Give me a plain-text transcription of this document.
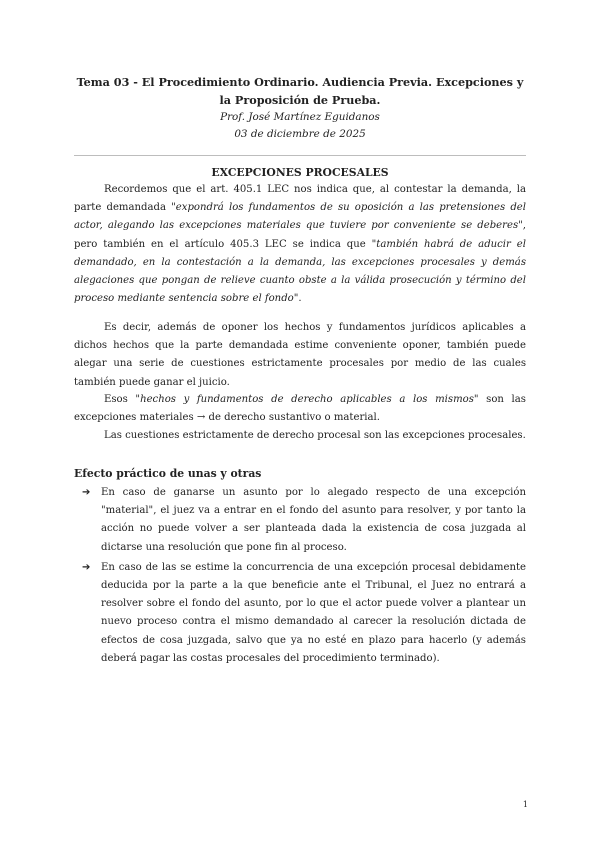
Tema 03 - El Procedimiento Ordinario. Audiencia Previa. Excepciones y la Proposición de Prueba.
Prof. José Martínez Eguidanos
03 de diciembre de 2025
EXCEPCIONES PROCESALES
Recordemos que el art. 405.1 LEC nos indica que, al contestar la demanda, la parte demandada "expondrá los fundamentos de su oposición a las pretensiones del actor, alegando las excepciones materiales que tuviere por conveniente se deberes", pero también en el artículo 405.3 LEC se indica que "también habrá de aducir el demandado, en la contestación a la demanda, las excepciones procesales y demás alegaciones que pongan de relieve cuanto obste a la válida prosecución y término del proceso mediante sentencia sobre el fondo".
Es decir, además de oponer los hechos y fundamentos jurídicos aplicables a dichos hechos que la parte demandada estime conveniente oponer, también puede alegar una serie de cuestiones estrictamente procesales por medio de las cuales también puede ganar el juicio.
Esos "hechos y fundamentos de derecho aplicables a los mismos" son las excepciones materiales → de derecho sustantivo o material.
Las cuestiones estrictamente de derecho procesal son las excepciones procesales.
Efecto práctico de unas y otras
➔ En caso de ganarse un asunto por lo alegado respecto de una excepción "material", el juez va a entrar en el fondo del asunto para resolver, y por tanto la acción no puede volver a ser planteada dada la existencia de cosa juzgada al dictarse una resolución que pone fin al proceso.
➔ En caso de las se estime la concurrencia de una excepción procesal debidamente deducida por la parte a la que beneficie ante el Tribunal, el Juez no entrará a resolver sobre el fondo del asunto, por lo que el actor puede volver a plantear un nuevo proceso contra el mismo demandado al carecer la resolución dictada de efectos de cosa juzgada, salvo que ya no esté en plazo para hacerlo (y además deberá pagar las costas procesales del procedimiento terminado).
1
